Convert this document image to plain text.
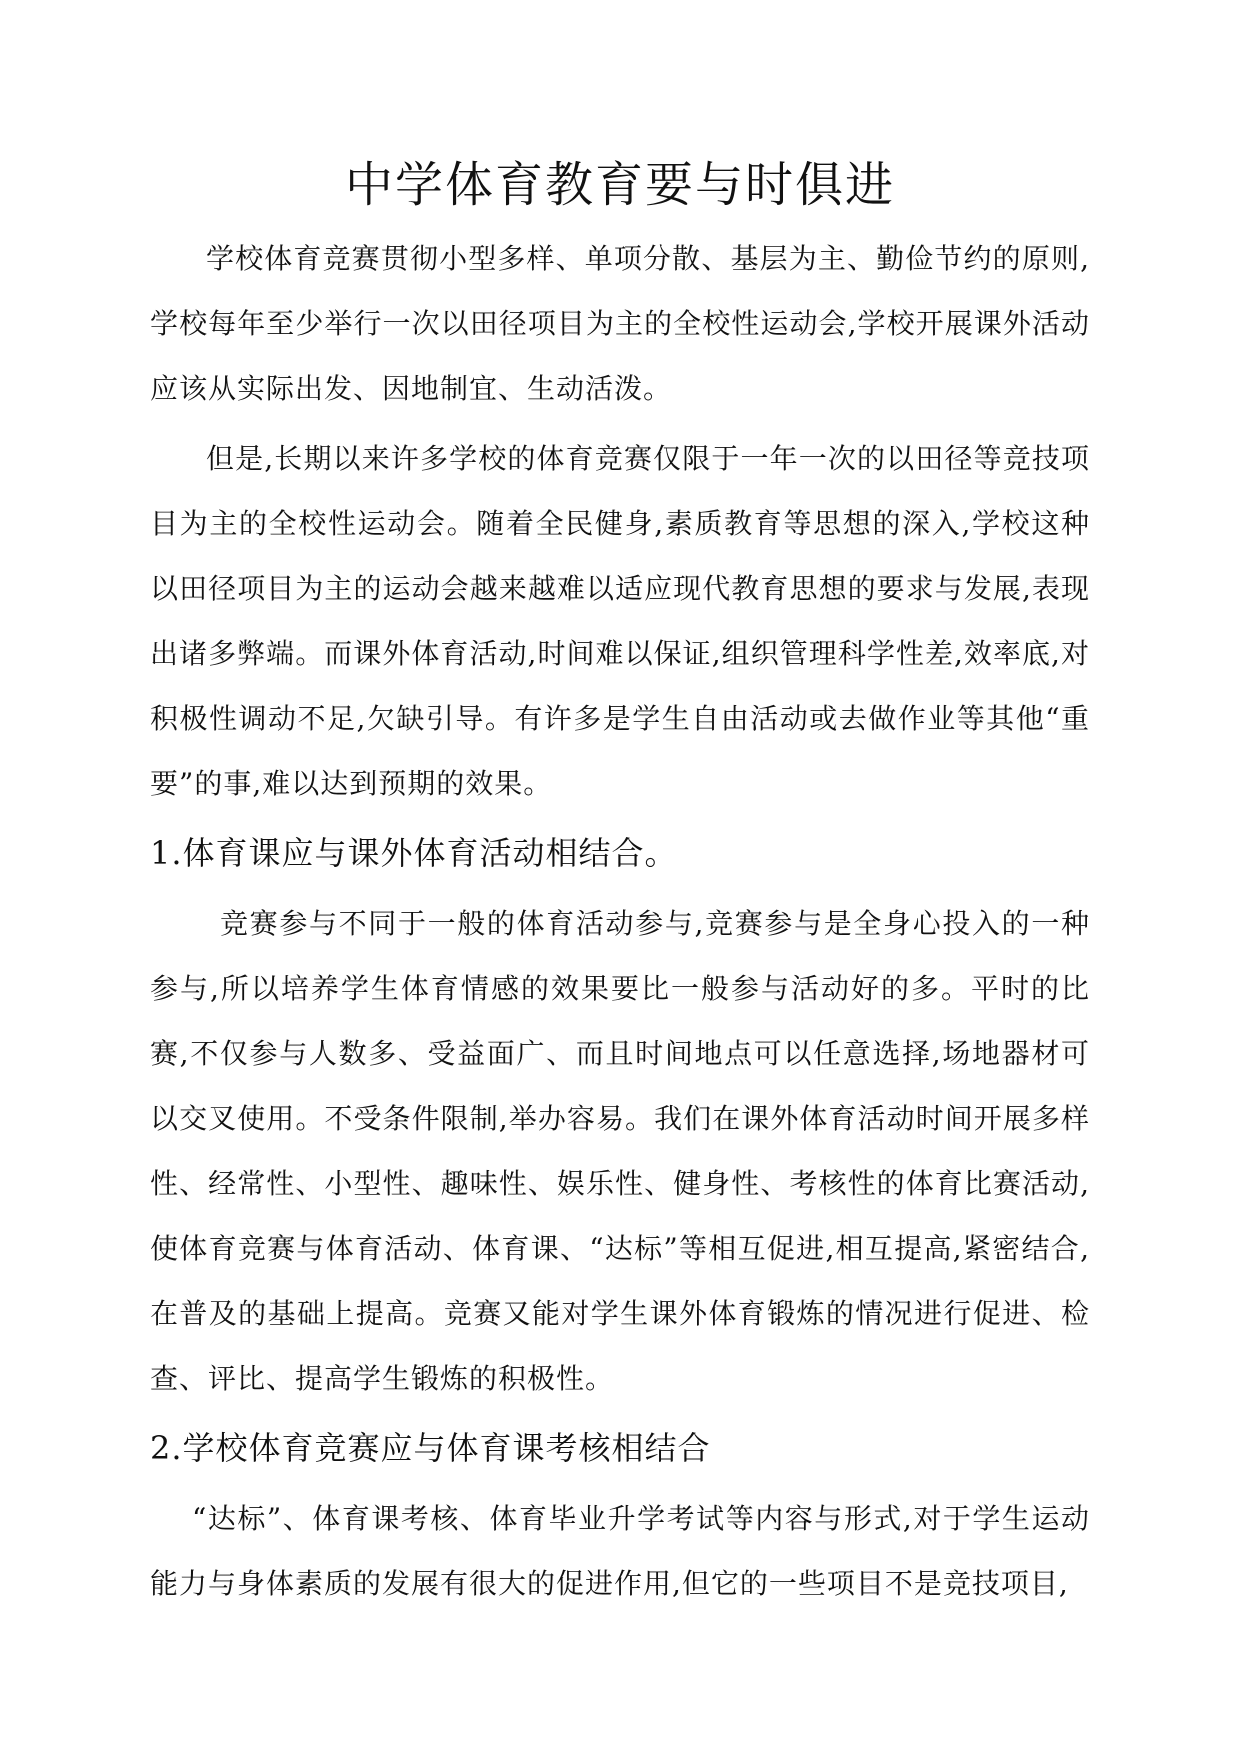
中学体育教育要与时俱进

学校体育竞赛贯彻小型多样、单项分散、基层为主、勤俭节约的原则,学校每年至少举行一次以田径项目为主的全校性运动会,学校开展课外活动应该从实际出发、因地制宜、生动活泼。

但是,长期以来许多学校的体育竞赛仅限于一年一次的以田径等竞技项目为主的全校性运动会。随着全民健身,素质教育等思想的深入,学校这种以田径项目为主的运动会越来越难以适应现代教育思想的要求与发展,表现出诸多弊端。而课外体育活动,时间难以保证,组织管理科学性差,效率底,对积极性调动不足,欠缺引导。有许多是学生自由活动或去做作业等其他“重要”的事,难以达到预期的效果。

1.体育课应与课外体育活动相结合。

竞赛参与不同于一般的体育活动参与,竞赛参与是全身心投入的一种参与,所以培养学生体育情感的效果要比一般参与活动好的多。平时的比赛,不仅参与人数多、受益面广、而且时间地点可以任意选择,场地器材可以交叉使用。不受条件限制,举办容易。我们在课外体育活动时间开展多样性、经常性、小型性、趣味性、娱乐性、健身性、考核性的体育比赛活动,使体育竞赛与体育活动、体育课、“达标”等相互促进,相互提高,紧密结合,在普及的基础上提高。竞赛又能对学生课外体育锻炼的情况进行促进、检查、评比、提高学生锻炼的积极性。

2.学校体育竞赛应与体育课考核相结合

“达标”、体育课考核、体育毕业升学考试等内容与形式,对于学生运动能力与身体素质的发展有很大的促进作用,但它的一些项目不是竞技项目,
